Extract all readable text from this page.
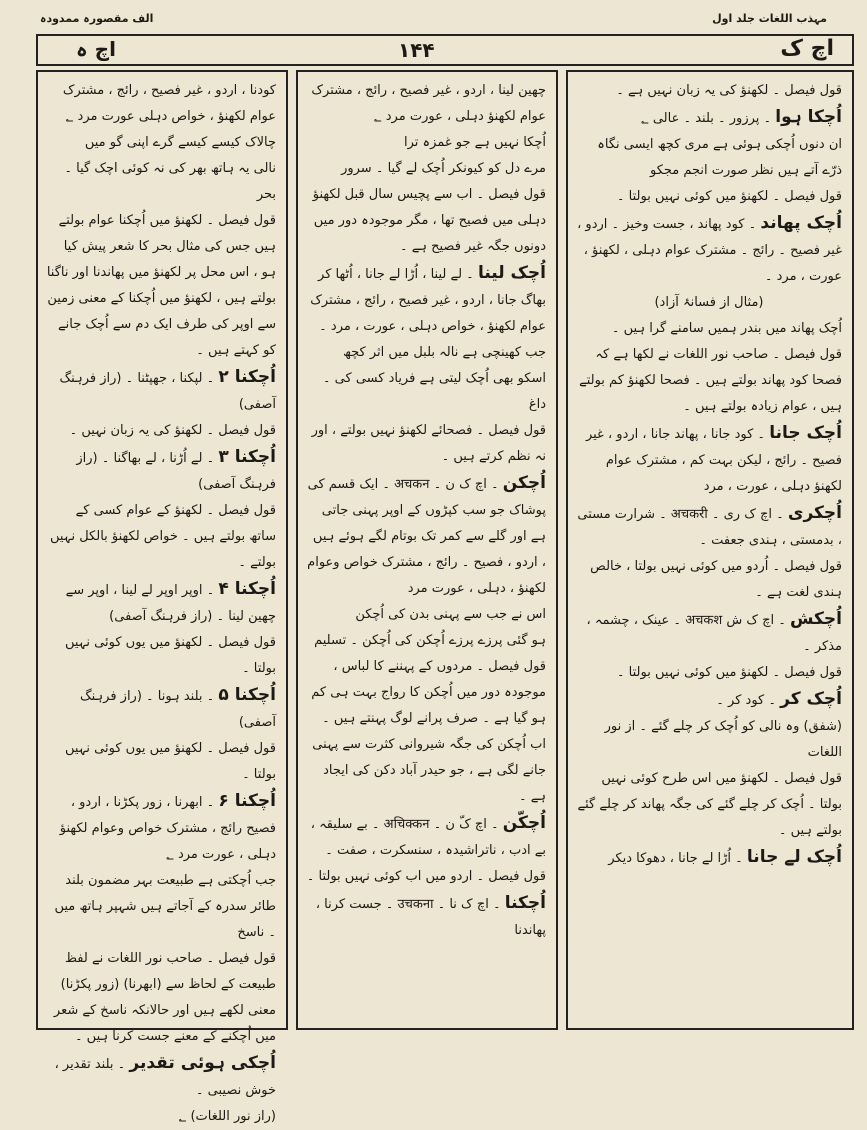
مہذب اللغات جلد اول
الف مقصورہ ممدودہ
اچ ک
۱۴۴
اچ ہ

قول فیصل ۔ لکھنؤ کی یہ زبان نہیں ہے ۔

اُچکا ہوا ۔ پرزور ۔ بلند ۔ عالی ؂

ان دنوں اُچکی ہوئی ہے مری کچھ ایسی نگاہ

ذرّے آتے ہیں نظر صورت انجم مجکو

قول فیصل ۔ لکھنؤ میں کوئی نہیں بولتا ۔

اُچک پھاند ۔ کود پھاند ، جست وخیز ۔ اردو ، غیر فصیح ۔ رائج ۔ مشترک عوام دہلی ، لکھنؤ ، عورت ، مرد ۔

(مثال از فسانۂ آزاد)

اُچک پھاند میں بندر ہمیں سامنے گرا ہیں ۔

قول فیصل ۔ صاحب نور اللغات نے لکھا ہے کہ فصحا کود پھاند بولتے ہیں ۔ فصحا لکھنؤ کم بولتے ہیں ، عوام زیادہ بولتے ہیں ۔

اُچک جانا ۔ کود جانا ، پھاند جانا ، اردو ، غیر فصیح ۔ رائج ، لیکن بہت کم ، مشترک عوام لکھنؤ دہلی ، عورت ، مرد

اُچکری ۔ اچ ک ری ۔ अचकरी ۔ شرارت مستی ، بدمستی ، ہندی جعفت ۔

قول فیصل ۔ اُردو میں کوئی نہیں بولتا ، خالص ہندی لغت ہے ۔

اُچکش ۔ اچ ک ش अचकश ۔ عینک ، چشمہ ، مذکر ۔

قول فیصل ۔ لکھنؤ میں کوئی نہیں بولتا ۔

اُچک کر ۔ کود کر ۔

(شفق) وہ نالی کو اُچک کر چلے گئے ۔ از نور اللغات

قول فیصل ۔ لکھنؤ میں اس طرح کوئی نہیں بولتا ۔ اُچک کر چلے گئے کی جگہ پھاند کر چلے گئے بولتے ہیں ۔

اُچک لے جانا ۔ اُڑا لے جانا ، دھوکا دیکر

چھین لینا ، اردو ، غیر فصیح ، رائج ، مشترک عوام لکھنؤ دہلی ، عورت مرد ؂

اُچکا نہیں ہے جو غمزہ ترا

مرے دل کو کیونکر اُچک لے گیا ۔ سرور

قول فیصل ۔ اب سے پچیس سال قبل لکھنؤ دہلی میں فصیح تھا ، مگر موجودہ دور میں دونوں جگہ غیر فصیح ہے ۔

اُچک لینا ۔ لے لینا ، اُڑا لے جانا ، اُٹھا کر بھاگ جانا ، اردو ، غیر فصیح ، رائج ، مشترک عوام لکھنؤ ، خواص دہلی ، عورت ، مرد ۔

جب کھینچی ہے نالہ بلبل میں اثر کچھ

اسکو بھی اُچک لیتی ہے فریاد کسی کی ۔ داغ

قول فیصل ۔ فصحائے لکھنؤ نہیں بولتے ، اور نہ نظم کرتے ہیں ۔

اُچکن ۔ اچ ک ن ۔ अचकन ۔ ایک قسم کی پوشاک جو سب کپڑوں کے اوپر پہنی جاتی ہے اور گلے سے کمر تک بوتام لگے ہوئے ہیں ، اردو ، فصیح ۔ رائج ، مشترک خواص وعوام لکھنؤ ، دہلی ، عورت مرد

اس نے جب سے پہنی بدن کی اُچکن

ہو گئی پرزے پرزے اُچکن کی اُچکن ۔ تسلیم

قول فیصل ۔ مردوں کے پہننے کا لباس ، موجودہ دور میں اُچکن کا رواج بہت ہی کم ہو گیا ہے ۔ صرف پرانے لوگ پہنتے ہیں ۔ اب اُچکن کی جگہ شیروانی کثرت سے پہنی جانے لگی ہے ، جو حیدر آباد دکن کی ایجاد ہے ۔

اُچکّن ۔ اچ کّ ن ۔ अचिक्कन ۔ بے سلیقہ ، بے ادب ، ناتراشیدہ ، سنسکرت ، صفت ۔

قول فیصل ۔ اردو میں اب کوئی نہیں بولتا ۔

اُچکنا ۔ اچ ک نا ۔ उचकना ۔ جست کرنا ، پھاندنا

کودنا ، اردو ، غیر فصیح ، رائج ، مشترک عوام لکھنؤ ، خواص دہلی عورت مرد ؂

چالاک کیسے کیسے گرے اپنی گو میں

نالی یہ ہاتھ بھر کی نہ کوئی اچک گیا ۔ بحر

قول فیصل ۔ لکھنؤ میں اُچکنا عوام بولتے ہیں جس کی مثال بحر کا شعر پیش کیا ہو ، اس محل پر لکھنؤ میں پھاندنا اور ناگنا بولتے ہیں ، لکھنؤ میں اُچکنا کے معنی زمین سے اوپر کی طرف ایک دم سے اُچک جانے کو کہتے ہیں ۔

اُچکنا ۲ ۔ لپکنا ، جھپٹنا ۔ (راز فرہنگ آصفی)

قول فیصل ۔ لکھنؤ کی یہ زبان نہیں ۔

اُچکنا ۳ ۔ لے اُڑنا ، لے بھاگنا ۔ (راز فرہنگ آصفی)

قول فیصل ۔ لکھنؤ کے عوام کسی کے ساتھ بولتے ہیں ۔ خواص لکھنؤ بالکل نہیں بولتے ۔

اُچکنا ۴ ۔ اوپر اوپر لے لینا ، اوپر سے چھین لینا ۔ (راز فرہنگ آصفی)

قول فیصل ۔ لکھنؤ میں یوں کوئی نہیں بولتا ۔

اُچکنا ۵ ۔ بلند ہونا ۔ (راز فرہنگ آصفی)

قول فیصل ۔ لکھنؤ میں یوں کوئی نہیں بولتا ۔

اُچکنا ۶ ۔ ابھرنا ، زور پکڑنا ، اردو ، فصیح رائج ، مشترک خواص وعوام لکھنؤ دہلی ، عورت مرد ؂

جب اُچکتی ہے طبیعت بہر مضمون بلند

طائر سدرہ کے آجاتے ہیں شہپر ہاتھ میں ۔ ناسخ

قول فیصل ۔ صاحب نور اللغات نے لفظ طبیعت کے لحاظ سے (ابھرنا) (زور پکڑنا) معنی لکھے ہیں اور حالانکہ ناسخ کے شعر میں اُچکنے کے معنے جست کرنا ہیں ۔

اُچکی ہوئی تقدیر ۔ بلند تقدیر ، خوش نصیبی ۔

(راز نور اللغات) ؂
